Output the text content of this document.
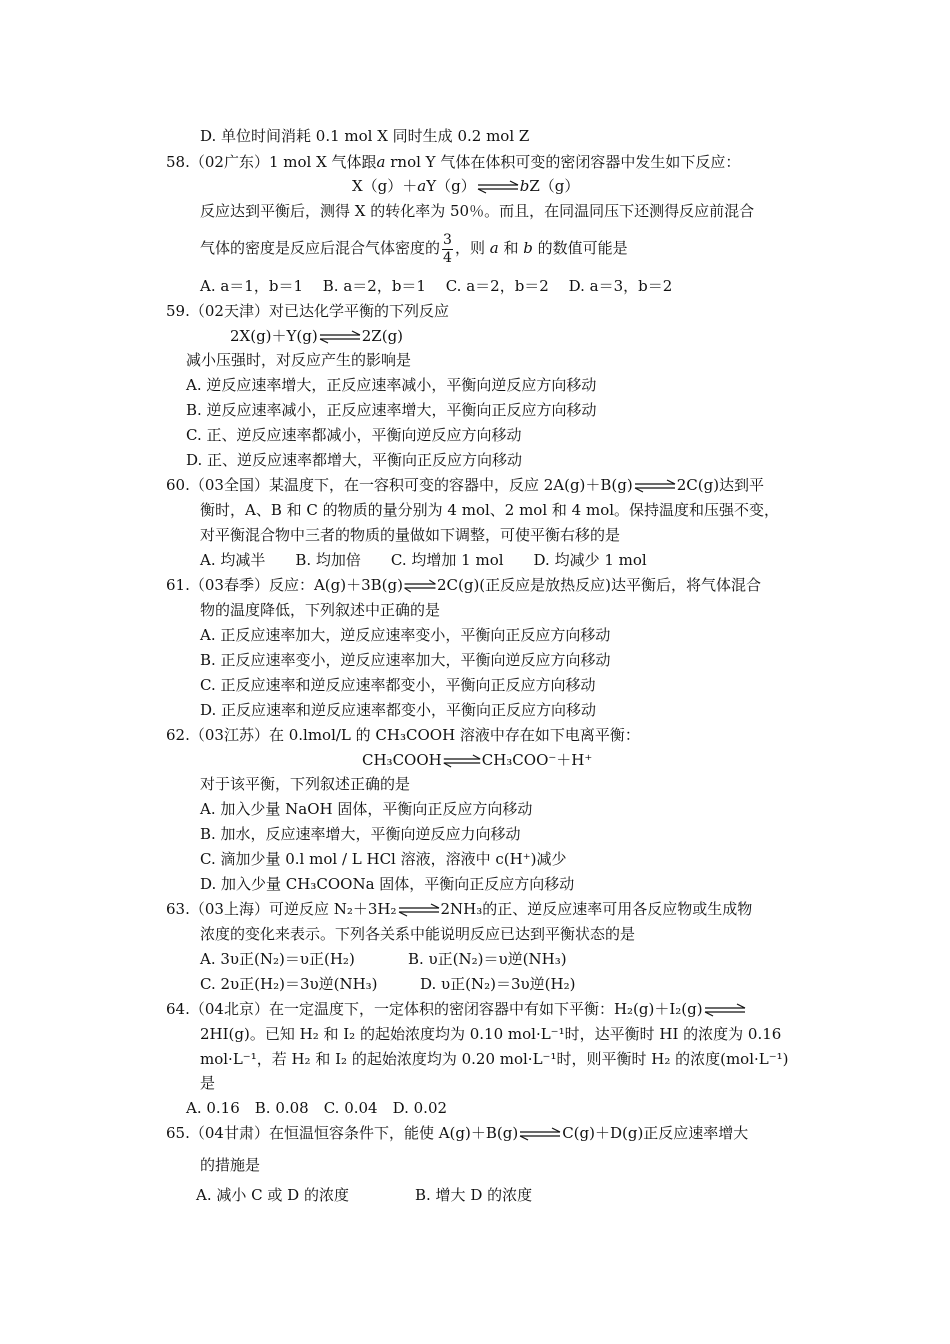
D. 单位时间消耗 0.1 mol X 同时生成 0.2 mol Z
58.（02广东）1 mol X 气体跟a rnol Y 气体在体积可变的密闭容器中发生如下反应：
X（g）＋aY（g）⇌bZ（g）
反应达到平衡后，测得 X 的转化率为 50％。而且，在同温同压下还测得反应前混合
气体的密度是反应后混合气体密度的 $\frac{3}{4}$ ，则 a 和 b 的数值可能是
A. a＝1，b＝1　 B. a＝2，b＝1　 C. a＝2，b＝2　 D. a＝3，b＝2
59.（02天津）对已达化学平衡的下列反应
2X(g)＋Y(g)⇌2Z(g)
减小压强时，对反应产生的影响是
A. 逆反应速率增大，正反应速率减小，平衡向逆反应方向移动
B. 逆反应速率减小，正反应速率增大，平衡向正反应方向移动
C. 正、逆反应速率都减小，平衡向逆反应方向移动
D. 正、逆反应速率都增大，平衡向正反应方向移动
60.（03全国）某温度下，在一容积可变的容器中，反应 2A(g)＋B(g)⇌2C(g)达到平
衡时，A、B 和 C 的物质的量分别为 4 mol、2 mol 和 4 mol。保持温度和压强不变，
对平衡混合物中三者的物质的量做如下调整，可使平衡右移的是
A. 均减半　　B. 均加倍　　C. 均增加 1 mol　　D. 均减少 1 mol
61.（03春季）反应：A(g)＋3B(g)⇌2C(g)(正反应是放热反应)达平衡后，将气体混合
物的温度降低，下列叙述中正确的是
A. 正反应速率加大，逆反应速率变小，平衡向正反应方向移动
B. 正反应速率变小，逆反应速率加大，平衡向逆反应方向移动
C. 正反应速率和逆反应速率都变小，平衡向正反应方向移动
D. 正反应速率和逆反应速率都变小，平衡向正反应方向移动
62.（03江苏）在 0.lmol/L 的 CH₃COOH 溶液中存在如下电离平衡：
CH₃COOH⇌CH₃COO⁻＋H⁺
对于该平衡，下列叙述正确的是
A. 加入少量 NaOH 固体，平衡向正反应方向移动
B. 加水，反应速率增大，平衡向逆反应力向移动
C. 滴加少量 0.l mol / L HCl 溶液，溶液中 c(H⁺)减少
D. 加入少量 CH₃COONa 固体，平衡向正反应方向移动
63.（03上海）可逆反应 N₂＋3H₂⇌2NH₃的正、逆反应速率可用各反应物或生成物
浓度的变化来表示。下列各关系中能说明反应已达到平衡状态的是
A. 3υ正(N₂)＝υ正(H₂)	B. υ正(N₂)＝υ逆(NH₃)
C. 2υ正(H₂)＝3υ逆(NH₃)	D. υ正(N₂)＝3υ逆(H₂)
64.（04北京）在一定温度下，一定体积的密闭容器中有如下平衡：H₂(g)＋I₂(g)⇌
2HI(g)。已知 H₂ 和 I₂ 的起始浓度均为 0.10 mol·L⁻¹时，达平衡时 HI 的浓度为 0.16
mol·L⁻¹，若 H₂ 和 I₂ 的起始浓度均为 0.20 mol·L⁻¹时，则平衡时 H₂ 的浓度(mol·L⁻¹)
是
A. 0.16　B. 0.08　C. 0.04　D. 0.02
65.（04甘肃）在恒温恒容条件下，能使 A(g)＋B(g)⇌C(g)＋D(g)正反应速率增大
的措施是
A. 减小 C 或 D 的浓度	B. 增大 D 的浓度
